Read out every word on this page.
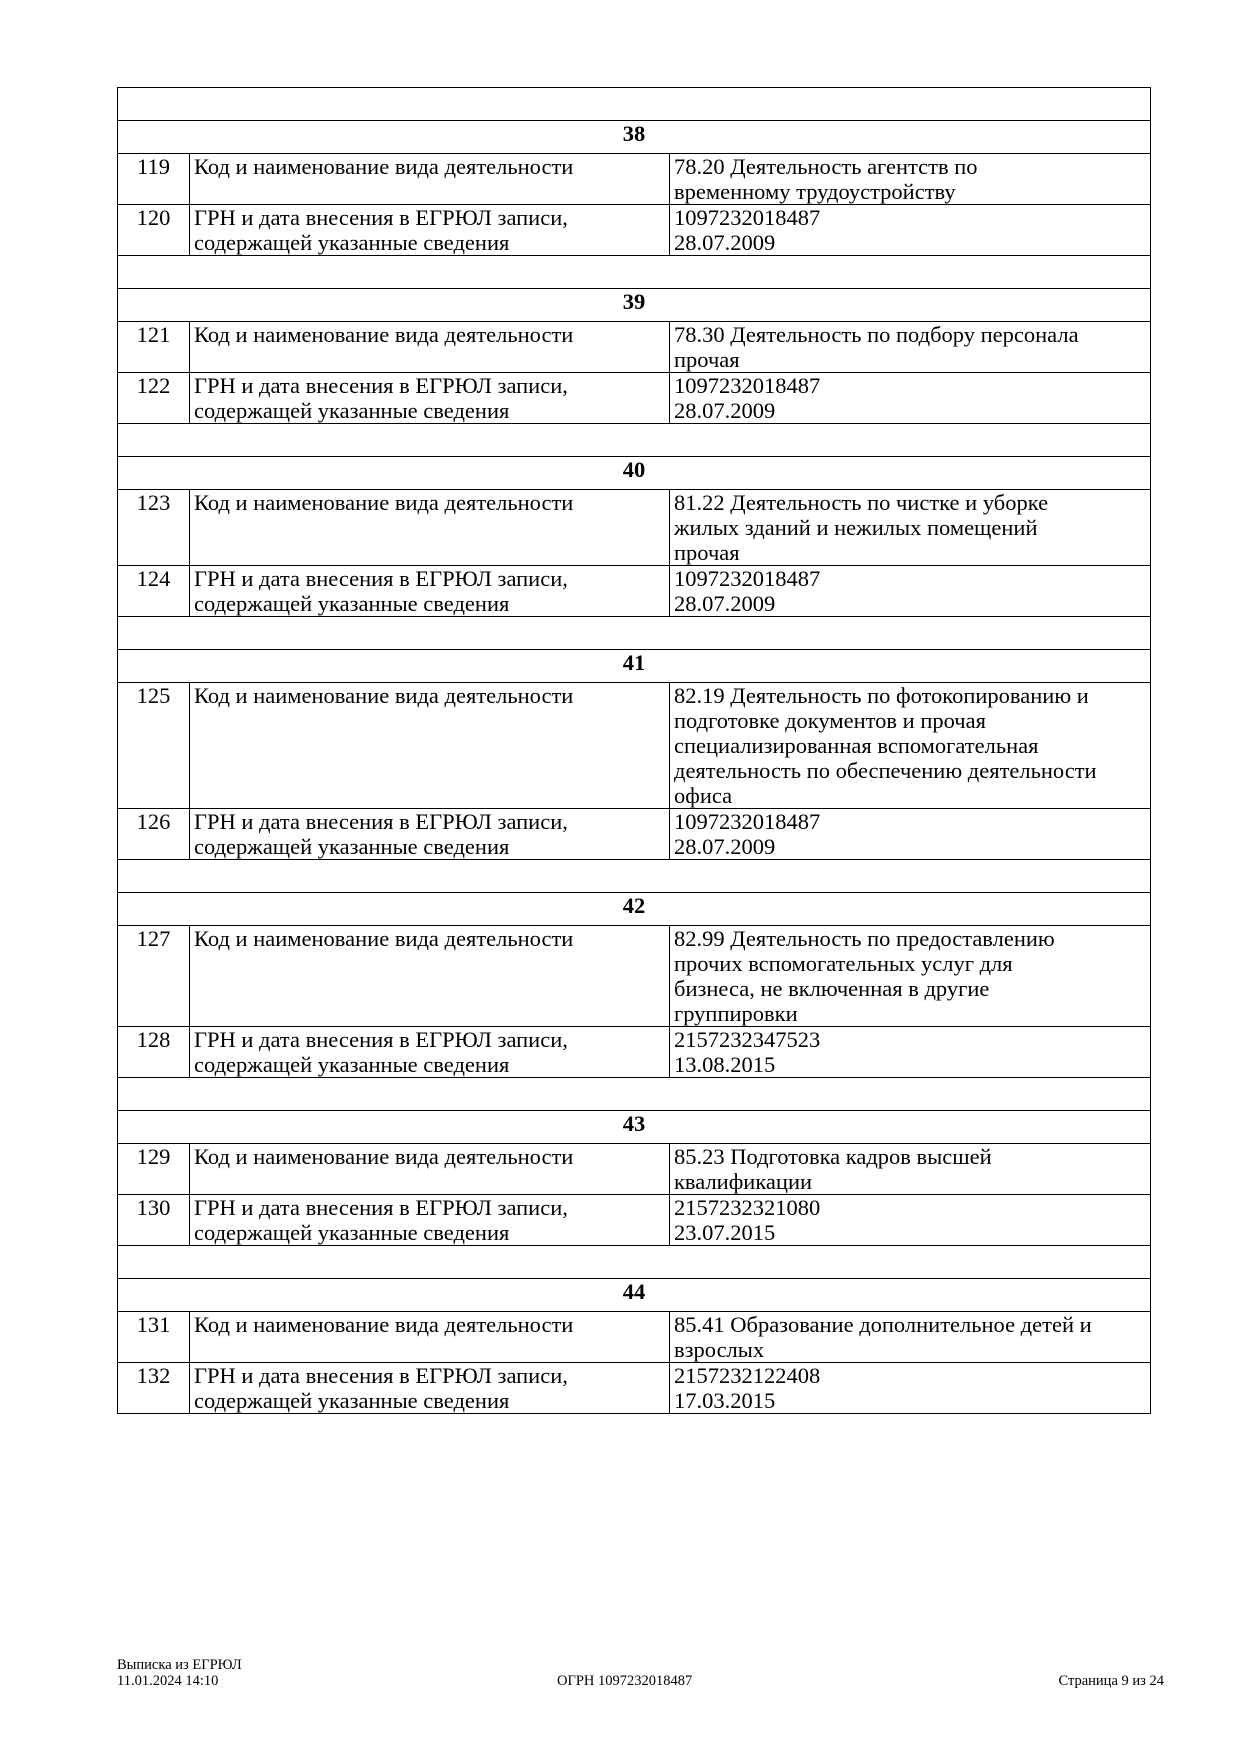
38		
119	Код и наименование вида деятельности	78.20 Деятельность агентств по
временному трудоустройству

120	ГРН и дата внесения в ЕГРЮЛ записи,
содержащей указанные сведения	1097232018487
28.07.2009

39		
121	Код и наименование вида деятельности	78.30 Деятельность по подбору персонала
прочая

122	ГРН и дата внесения в ЕГРЮЛ записи,
содержащей указанные сведения	1097232018487
28.07.2009

40		
123	Код и наименование вида деятельности	81.22 Деятельность по чистке и уборке
жилых зданий и нежилых помещений
прочая

124	ГРН и дата внесения в ЕГРЮЛ записи,
содержащей указанные сведения	1097232018487
28.07.2009

41		
125	Код и наименование вида деятельности	82.19 Деятельность по фотокопированию и
подготовке документов и прочая
специализированная вспомогательная
деятельность по обеспечению деятельности
офиса

126	ГРН и дата внесения в ЕГРЮЛ записи,
содержащей указанные сведения	1097232018487
28.07.2009

42		
127	Код и наименование вида деятельности	82.99 Деятельность по предоставлению
прочих вспомогательных услуг для
бизнеса, не включенная в другие
группировки

128	ГРН и дата внесения в ЕГРЮЛ записи,
содержащей указанные сведения	2157232347523
13.08.2015

43		
129	Код и наименование вида деятельности	85.23 Подготовка кадров высшей
квалификации

130	ГРН и дата внесения в ЕГРЮЛ записи,
содержащей указанные сведения	2157232321080
23.07.2015

44		
131	Код и наименование вида деятельности	85.41 Образование дополнительное детей и
взрослых

132	ГРН и дата внесения в ЕГРЮЛ записи,
содержащей указанные сведения	2157232122408
17.03.2015
Выписка из ЕГРЮЛ
11.01.2024 14:10	ОГРН 1097232018487	Страница 9 из 24
